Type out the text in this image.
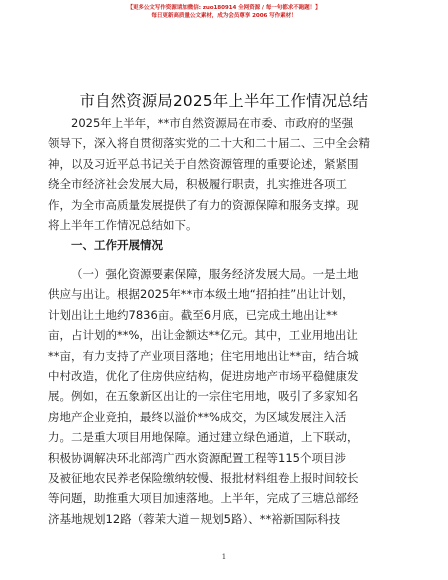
【更多公文写作资源请加微信: zuo180914 全网资源 / 每一句都求不跑题！】
每日更新高质量公文素材，成为会员尊享 2006 写作素材！
市自然资源局2025年上半年工作情况总结
2025年上半年，**市自然资源局在市委、市政府的坚强
领导下，深入将自贯彻落实党的二十大和二十届二、三中全会精
神，以及习近平总书记关于自然资源管理的重要论述，紧紧围
绕全市经济社会发展大局，积极履行职责，扎实推进各项工
作，为全市高质量发展提供了有力的资源保障和服务支撑。现
将上半年工作情况总结如下。
一、工作开展情况
（一）强化资源要素保障，服务经济发展大局。一是土地
供应与出让。根据2025年**市本级土地“招拍挂”出让计划，
计划出让土地约7836亩。截至6月底，已完成土地出让**
亩，占计划的**%，出让金额达**亿元。其中，工业用地出让
**亩，有力支持了产业项目落地；住宅用地出让**亩，结合城
中村改造，优化了住房供应结构，促进房地产市场平稳健康发
展。例如，在五象新区出让的一宗住宅用地，吸引了多家知名
房地产企业竞拍，最终以溢价**%成交，为区域发展注入活
力。二是重大项目用地保障。通过建立绿色通道，上下联动，
积极协调解决环北部湾广西水资源配置工程等115个项目涉
及被征地农民养老保险缴纳较慢、报批材料组卷上报时间较长
等问题，助推重大项目加速落地。上半年，完成了三塘总部经
济基地规划12路（蓉茉大道－规划5路）、**裕新国际科技
1
